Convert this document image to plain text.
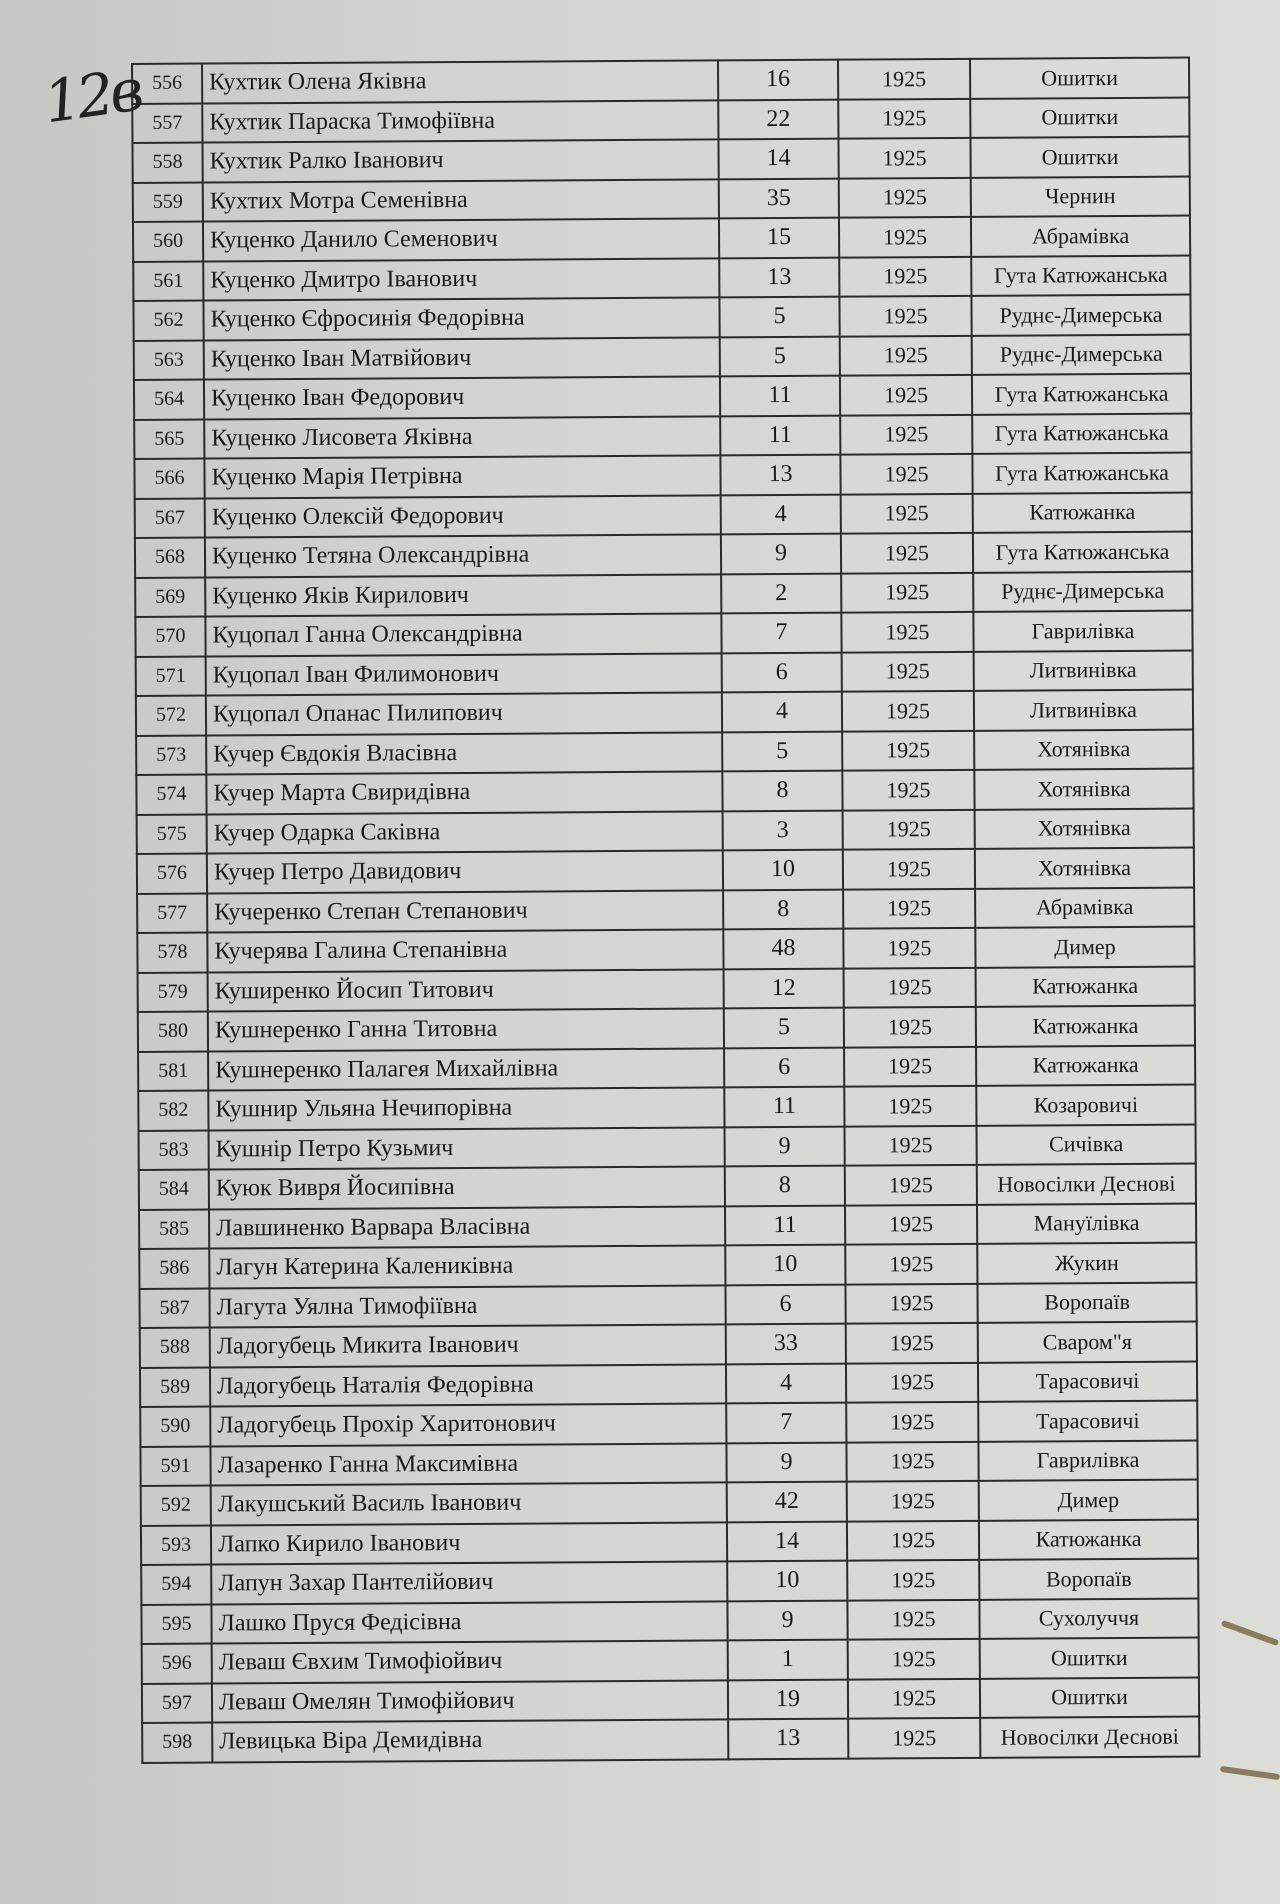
12в 556	Кухтик Олена Яківна	16	1925	Ошитки
557	Кухтик Параска Тимофіївна	22	1925	Ошитки
558	Кухтик Ралко Іванович	14	1925	Ошитки
559	Кухтих Мотра Семенівна	35	1925	Чернин
560	Куценко Данило Семенович	15	1925	Абрамівка
561	Куценко Дмитро Іванович	13	1925	Гута Катюжанська
562	Куценко Єфросинія Федорівна	5	1925	Руднє-Димерська
563	Куценко Іван Матвійович	5	1925	Руднє-Димерська
564	Куценко Іван Федорович	11	1925	Гута Катюжанська
565	Куценко Лисовета Яківна	11	1925	Гута Катюжанська
566	Куценко Марія Петрівна	13	1925	Гута Катюжанська
567	Куценко Олексій Федорович	4	1925	Катюжанка
568	Куценко Тетяна Олександрівна	9	1925	Гута Катюжанська
569	Куценко Яків Кирилович	2	1925	Руднє-Димерська
570	Куцопал Ганна Олександрівна	7	1925	Гаврилівка
571	Куцопал Іван Филимонович	6	1925	Литвинівка
572	Куцопал Опанас Пилипович	4	1925	Литвинівка
573	Кучер Євдокія Власівна	5	1925	Хотянівка
574	Кучер Марта Свиридівна	8	1925	Хотянівка
575	Кучер Одарка Саківна	3	1925	Хотянівка
576	Кучер Петро Давидович	10	1925	Хотянівка
577	Кучеренко Степан Степанович	8	1925	Абрамівка
578	Кучерява Галина Степанівна	48	1925	Димер
579	Куширенко Йосип Титович	12	1925	Катюжанка
580	Кушнеренко Ганна Титовна	5	1925	Катюжанка
581	Кушнеренко Палагея Михайлівна	6	1925	Катюжанка
582	Кушнир Ульяна Нечипорівна	11	1925	Козаровичі
583	Кушнір Петро Кузьмич	9	1925	Сичівка
584	Куюк Вивря Йосипівна	8	1925	Новосілки Деснові
585	Лавшиненко Варвара Власівна	11	1925	Мануїлівка
586	Лагун Катерина Калениківна	10	1925	Жукин
587	Лагута Уялна Тимофіївна	6	1925	Воропаїв
588	Ладогубець Микита Іванович	33	1925	Сваром"я
589	Ладогубець Наталія Федорівна	4	1925	Тарасовичі
590	Ладогубець Прохір Харитонович	7	1925	Тарасовичі
591	Лазаренко Ганна Максимівна	9	1925	Гаврилівка
592	Лакушський Василь Іванович	42	1925	Димер
593	Лапко Кирило Іванович	14	1925	Катюжанка
594	Лапун Захар Пантелійович	10	1925	Воропаїв
595	Лашко Пруся Федісівна	9	1925	Сухолуччя
596	Леваш Євхим Тимофіойвич	1	1925	Ошитки
597	Леваш Омелян Тимофійович	19	1925	Ошитки
598	Левицька Віра Демидівна	13	1925	Новосілки Деснові
